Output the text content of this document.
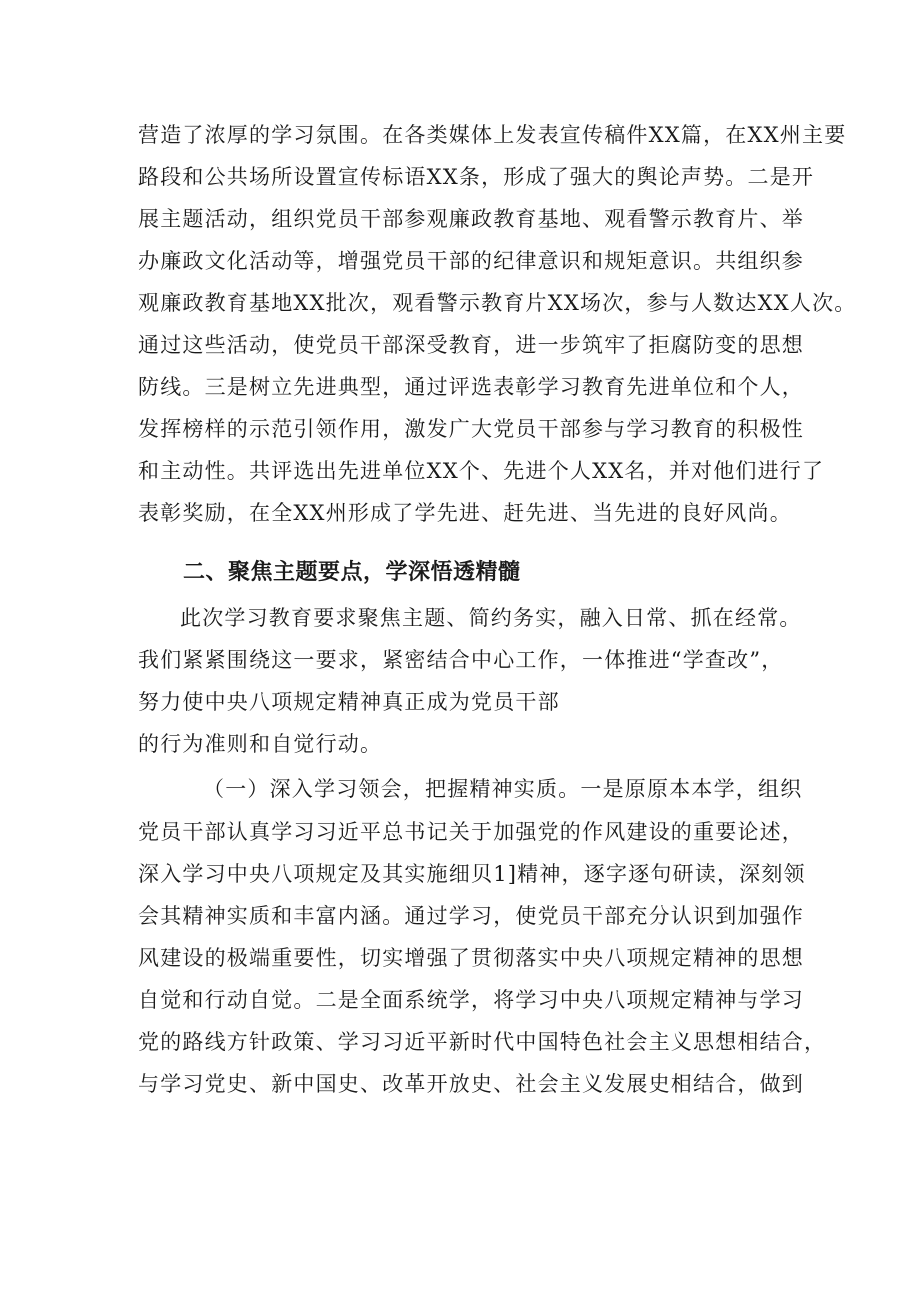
营造了浓厚的学习氛围。在各类媒体上发表宣传稿件XX篇，在XX州主要
路段和公共场所设置宣传标语XX条，形成了强大的舆论声势。二是开
展主题活动，组织党员干部参观廉政教育基地、观看警示教育片、举
办廉政文化活动等，增强党员干部的纪律意识和规矩意识。共组织参
观廉政教育基地XX批次，观看警示教育片XX场次，参与人数达XX人次。
通过这些活动，使党员干部深受教育，进一步筑牢了拒腐防变的思想
防线。三是树立先进典型，通过评选表彰学习教育先进单位和个人，
发挥榜样的示范引领作用，激发广大党员干部参与学习教育的积极性
和主动性。共评选出先进单位XX个、先进个人XX名，并对他们进行了
表彰奖励，在全XX州形成了学先进、赶先进、当先进的良好风尚。
二、聚焦主题要点，学深悟透精髓
此次学习教育要求聚焦主题、简约务实，融入日常、抓在经常。
我们紧紧围绕这一要求，紧密结合中心工作，一体推进“学查改”，
努力使中央八项规定精神真正成为党员干部
的行为准则和自觉行动。
（一）深入学习领会，把握精神实质。一是原原本本学，组织
党员干部认真学习习近平总书记关于加强党的作风建设的重要论述，
深入学习中央八项规定及其实施细贝1]精神，逐字逐句研读，深刻领
会其精神实质和丰富内涵。通过学习，使党员干部充分认识到加强作
风建设的极端重要性，切实增强了贯彻落实中央八项规定精神的思想
自觉和行动自觉。二是全面系统学，将学习中央八项规定精神与学习
党的路线方针政策、学习习近平新时代中国特色社会主义思想相结合，
与学习党史、新中国史、改革开放史、社会主义发展史相结合，做到
